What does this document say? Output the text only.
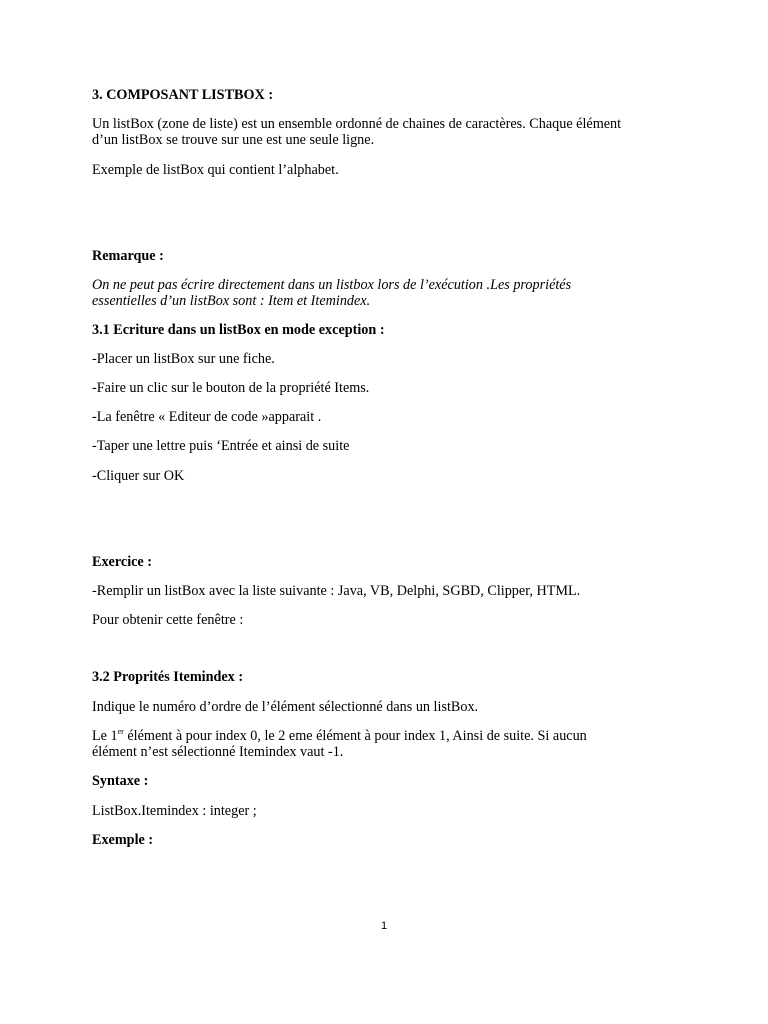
3. COMPOSANT LISTBOX :
Un listBox (zone de liste) est un ensemble ordonné de chaines de caractères. Chaque élément
d’un listBox se trouve sur une est une seule ligne.
Exemple de listBox qui contient l’alphabet.
Remarque :
On ne peut pas écrire directement dans un listbox lors de l’exécution .Les propriétés
essentielles d’un listBox sont : Item et Itemindex.
3.1 Ecriture dans un listBox en mode exception :
-Placer un listBox sur une fiche.
-Faire un clic sur le bouton de la propriété Items.
-La fenêtre « Editeur de code »apparait .
-Taper une lettre puis ‘Entrée et ainsi de suite
-Cliquer sur OK
Exercice :
-Remplir un listBox avec la liste suivante : Java, VB, Delphi, SGBD, Clipper, HTML.
Pour obtenir cette fenêtre :
3.2 Proprités Itemindex :
Indique le numéro d’ordre de l’élément sélectionné dans un listBox.
Le 1er élément à pour index 0, le 2 eme élément à pour index 1, Ainsi de suite. Si aucun
élément n’est sélectionné Itemindex vaut -1.
Syntaxe :
ListBox.Itemindex : integer ;
Exemple :
1
